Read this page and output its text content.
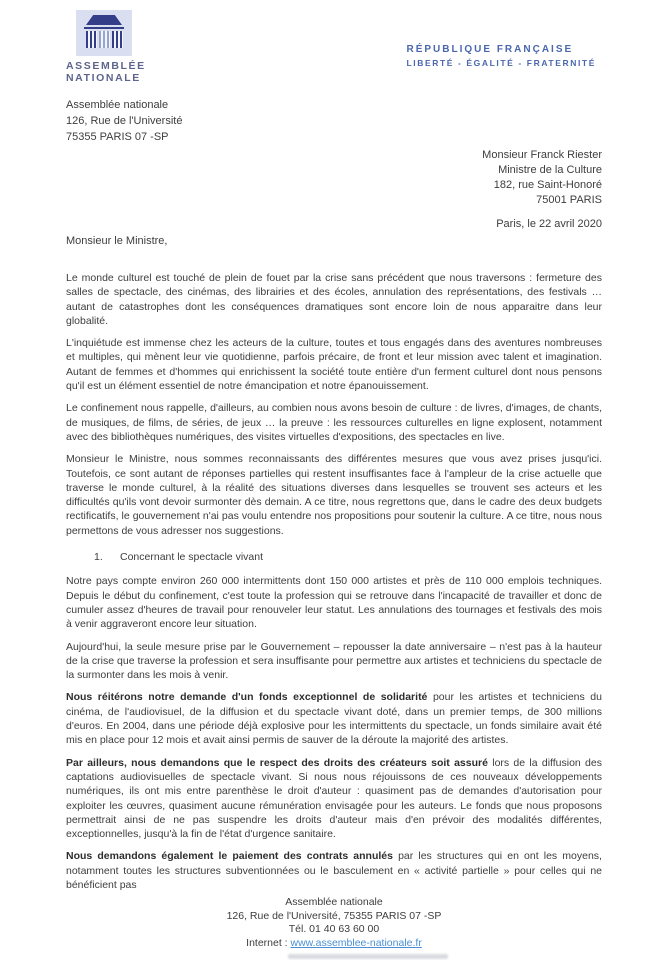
ASSEMBLÉE
NATIONALE
RÉPUBLIQUE FRANÇAISE
LIBERTÉ - ÉGALITÉ - FRATERNITÉ
Assemblée nationale
126, Rue de l'Université
75355 PARIS 07 -SP
Monsieur Franck Riester
Ministre de la Culture
182, rue Saint-Honoré
75001 PARIS
Paris, le 22 avril 2020
Monsieur le Ministre,

Le monde culturel est touché de plein de fouet par la crise sans précédent que nous traversons : fermeture des salles de spectacle, des cinémas, des librairies et des écoles, annulation des représentations, des festivals … autant de catastrophes dont les conséquences dramatiques sont encore loin de nous apparaitre dans leur globalité.

L'inquiétude est immense chez les acteurs de la culture, toutes et tous engagés dans des aventures nombreuses et multiples, qui mènent leur vie quotidienne, parfois précaire, de front et leur mission avec talent et imagination. Autant de femmes et d'hommes qui enrichissent la société toute entière d'un ferment culturel dont nous pensons qu'il est un élément essentiel de notre émancipation et notre épanouissement.

Le confinement nous rappelle, d'ailleurs, au combien nous avons besoin de culture : de livres, d'images, de chants, de musiques, de films, de séries, de jeux … la preuve : les ressources culturelles en ligne explosent, notamment avec des bibliothèques numériques, des visites virtuelles d'expositions, des spectacles en live.

Monsieur le Ministre, nous sommes reconnaissants des différentes mesures que vous avez prises jusqu'ici. Toutefois, ce sont autant de réponses partielles qui restent insuffisantes face à l'ampleur de la crise actuelle que traverse le monde culturel, à la réalité des situations diverses dans lesquelles se trouvent ses acteurs et les difficultés qu'ils vont devoir surmonter dès demain. A ce titre, nous regrettons que, dans le cadre des deux budgets rectificatifs, le gouvernement n'ai pas voulu entendre nos propositions pour soutenir la culture. A ce titre, nous nous permettons de vous adresser nos suggestions.

1. Concernant le spectacle vivant

Notre pays compte environ 260 000 intermittents dont 150 000 artistes et près de 110 000 emplois techniques. Depuis le début du confinement, c'est toute la profession qui se retrouve dans l'incapacité de travailler et donc de cumuler assez d'heures de travail pour renouveler leur statut. Les annulations des tournages et festivals des mois à venir aggraveront encore leur situation.

Aujourd'hui, la seule mesure prise par le Gouvernement – repousser la date anniversaire – n'est pas à la hauteur de la crise que traverse la profession et sera insuffisante pour permettre aux artistes et techniciens du spectacle de la surmonter dans les mois à venir.

Nous réitérons notre demande d'un fonds exceptionnel de solidarité pour les artistes et techniciens du cinéma, de l'audiovisuel, de la diffusion et du spectacle vivant doté, dans un premier temps, de 300 millions d'euros. En 2004, dans une période déjà explosive pour les intermittents du spectacle, un fonds similaire avait été mis en place pour 12 mois et avait ainsi permis de sauver de la déroute la majorité des artistes.

Par ailleurs, nous demandons que le respect des droits des créateurs soit assuré lors de la diffusion des captations audiovisuelles de spectacle vivant. Si nous nous réjouissons de ces nouveaux développements numériques, ils ont mis entre parenthèse le droit d'auteur : quasiment pas de demandes d'autorisation pour exploiter les œuvres, quasiment aucune rémunération envisagée pour les auteurs. Le fonds que nous proposons permettrait ainsi de ne pas suspendre les droits d'auteur mais d'en prévoir des modalités différentes, exceptionnelles, jusqu'à la fin de l'état d'urgence sanitaire.

Nous demandons également le paiement des contrats annulés par les structures qui en ont les moyens, notamment toutes les structures subventionnées ou le basculement en « activité partielle » pour celles qui ne bénéficient pas

Assemblée nationale
126, Rue de l'Université, 75355 PARIS 07 -SP
Tél. 01 40 63 60 00
Internet : www.assemblee-nationale.fr
